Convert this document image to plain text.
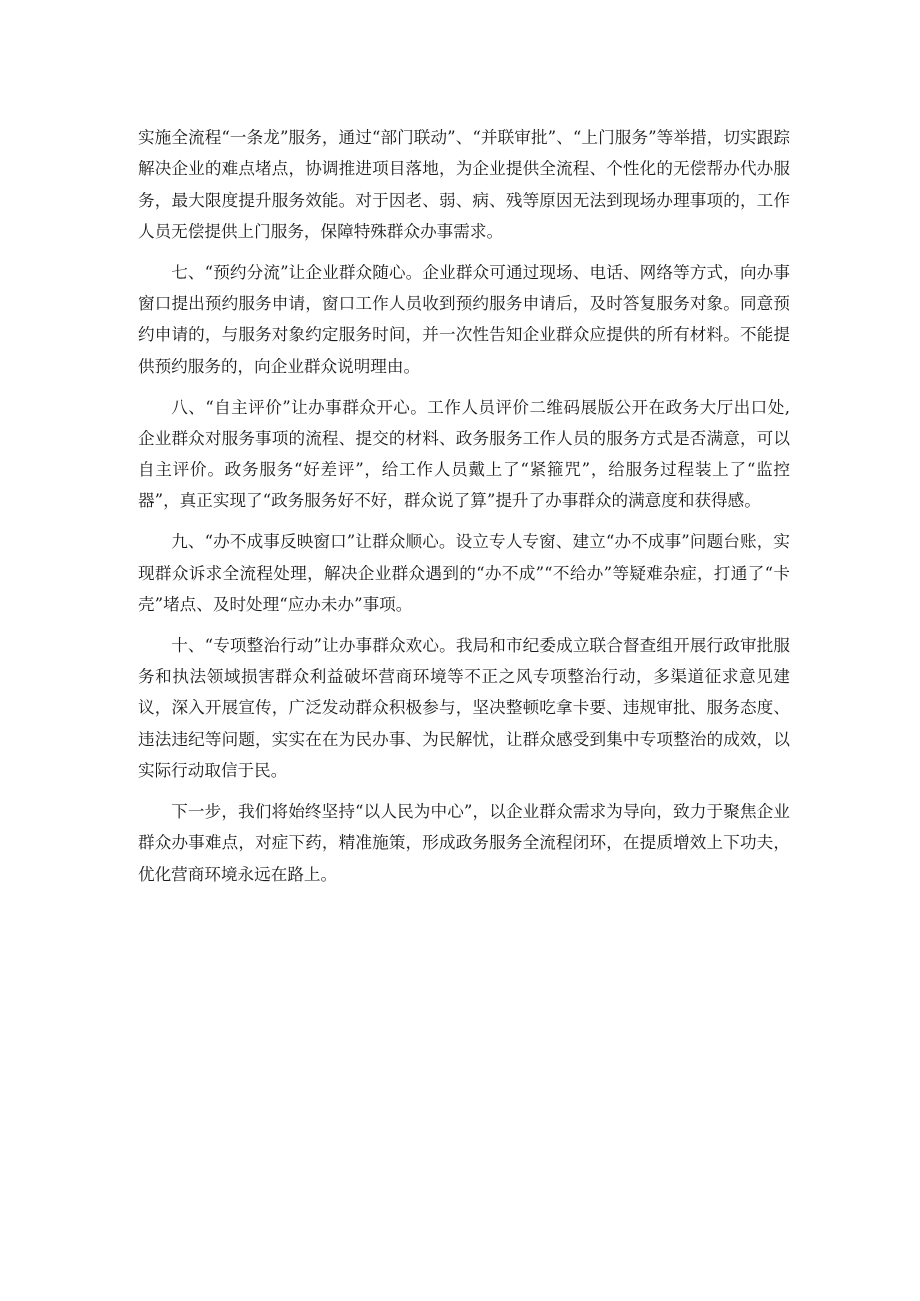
实施全流程“一条龙”服务，通过“部门联动”、“并联审批”、“上门服务”等举措，切实跟踪解决企业的难点堵点，协调推进项目落地，为企业提供全流程、个性化的无偿帮办代办服务，最大限度提升服务效能。对于因老、弱、病、残等原因无法到现场办理事项的，工作人员无偿提供上门服务，保障特殊群众办事需求。

七、“预约分流”让企业群众随心。企业群众可通过现场、电话、网络等方式，向办事窗口提出预约服务申请，窗口工作人员收到预约服务申请后，及时答复服务对象。同意预约申请的，与服务对象约定服务时间，并一次性告知企业群众应提供的所有材料。不能提供预约服务的，向企业群众说明理由。

八、“自主评价”让办事群众开心。工作人员评价二维码展版公开在政务大厅出口处,企业群众对服务事项的流程、提交的材料、政务服务工作人员的服务方式是否满意，可以自主评价。政务服务“好差评”，给工作人员戴上了“紧箍咒”，给服务过程装上了“监控器”，真正实现了“政务服务好不好，群众说了算”提升了办事群众的满意度和获得感。

九、“办不成事反映窗口”让群众顺心。设立专人专窗、建立“办不成事”问题台账，实现群众诉求全流程处理，解决企业群众遇到的“办不成”“不给办”等疑难杂症，打通了“卡壳”堵点、及时处理“应办未办”事项。

十、“专项整治行动”让办事群众欢心。我局和市纪委成立联合督查组开展行政审批服务和执法领域损害群众利益破坏营商环境等不正之风专项整治行动，多渠道征求意见建议，深入开展宣传，广泛发动群众积极参与，坚决整顿吃拿卡要、违规审批、服务态度、违法违纪等问题，实实在在为民办事、为民解忧，让群众感受到集中专项整治的成效，以实际行动取信于民。

下一步，我们将始终坚持“以人民为中心”，以企业群众需求为导向，致力于聚焦企业群众办事难点，对症下药，精准施策，形成政务服务全流程闭环，在提质增效上下功夫，优化营商环境永远在路上。
